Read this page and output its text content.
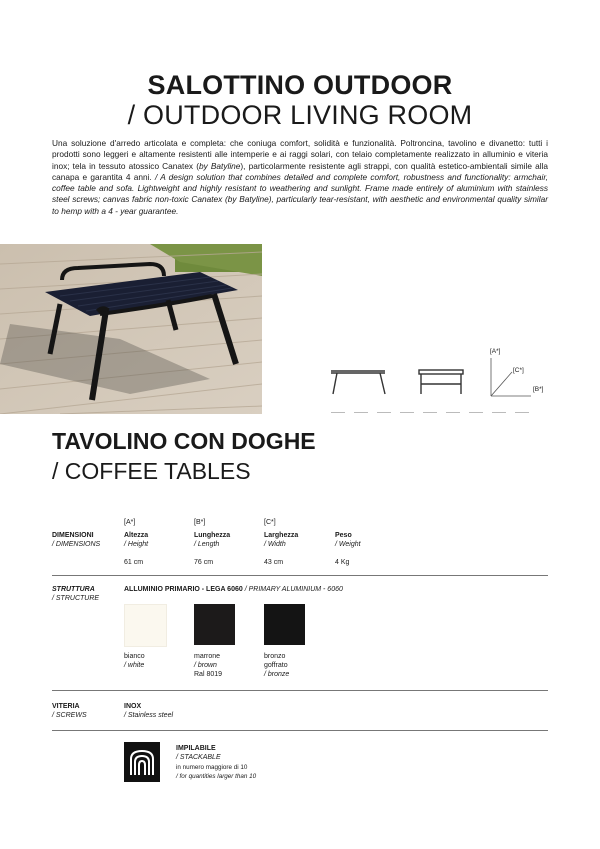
SALOTTINO OUTDOOR
/ OUTDOOR LIVING ROOM
Una soluzione d'arredo articolata e completa: che coniuga comfort, solidità e funzionalità. Poltroncina, tavolino e divanetto: tutti i prodotti sono leggeri e altamente resistenti alle intemperie e ai raggi solari, con telaio completamente realizzato in alluminio e viteria inox; tela in tessuto atossico Canatex (by Batyline), particolarmente resistente agli strappi, con qualità estetico-ambientali simile alla canapa e garantita 4 anni. / A design solution that combines detailed and complete comfort, robustness and functionality: armchair, coffee table and sofa. Lightweight and highly resistant to weathering and sunlight. Frame made entirely of aluminium with stainless steel screws; canvas fabric non-toxic Canatex (by Batyline), particularly tear-resistant, with aesthetic and environmental quality similar to hemp with a 4 - year guarantee.
[A*]
[C*]
[B*]
TAVOLINO CON DOGHE
/ COFFEE TABLES
DIMENSIONI
/ DIMENSIONS
[A*]
Altezza
/ Height
61 cm
[B*]
Lunghezza
/ Length
76 cm
[C*]
Larghezza
/ Width
43 cm
Peso
/ Weight
4 Kg
STRUTTURA
/ STRUCTURE
ALLUMINIO PRIMARIO - LEGA 6060 / PRIMARY ALUMINIUM - 6060
bianco
/ white
marrone
/ brown
Ral 8019
bronzo
goffrato
/ bronze
VITERIA
/ SCREWS
INOX
/ Stainless steel
IMPILABILE
/ STACKABLE
in numero maggiore di 10
/ for quantities larger than 10
